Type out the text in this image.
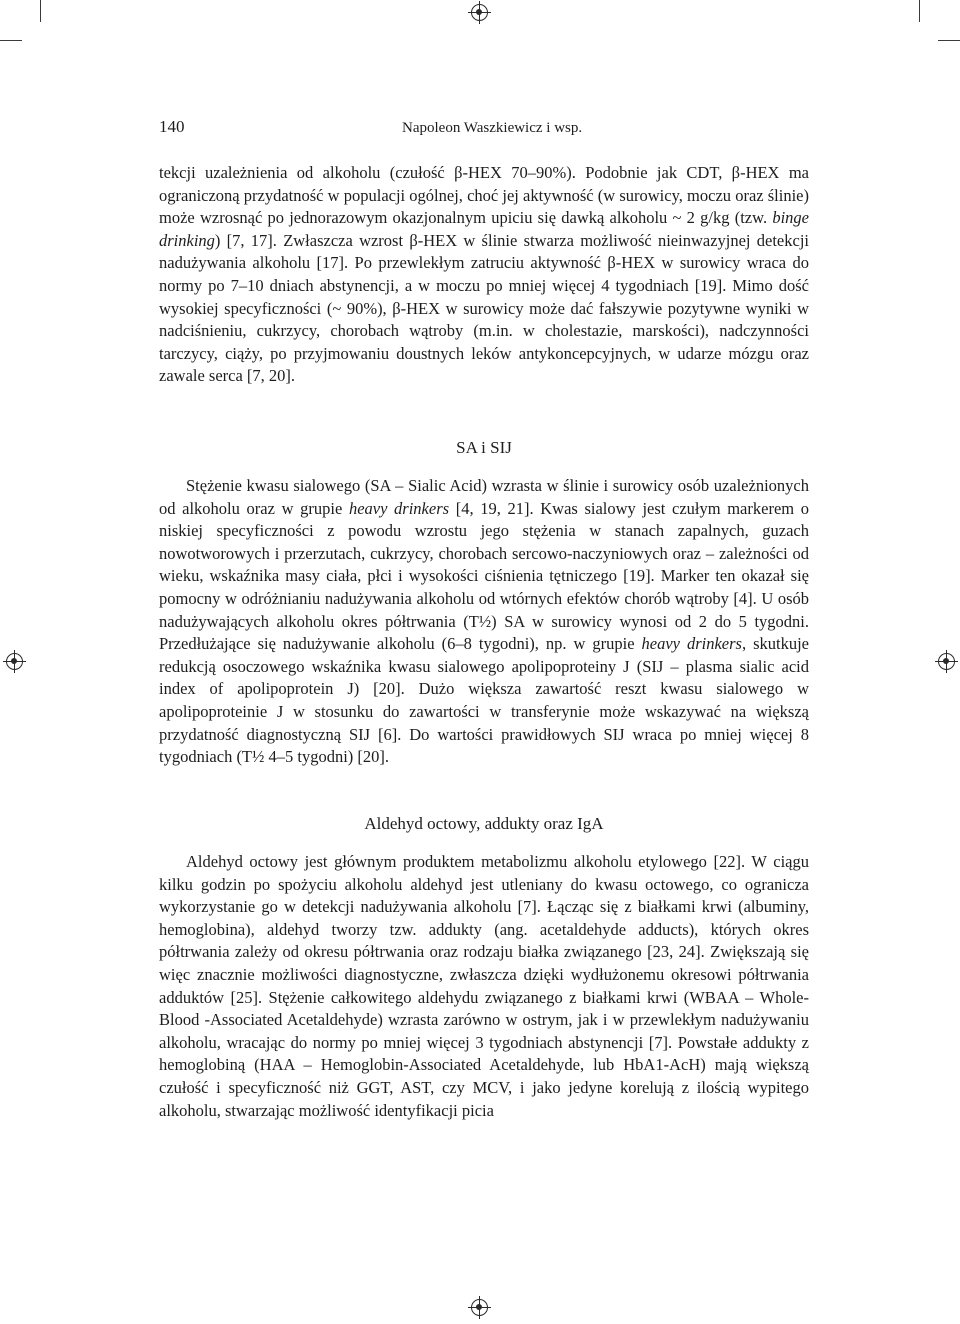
140	Napoleon Waszkiewicz i wsp.

tekcji uzależnienia od alkoholu (czułość β-HEX 70–90%). Podobnie jak CDT, β-HEX ma ograniczoną przydatność w populacji ogólnej, choć jej aktywność (w surowicy, moczu oraz ślinie) może wzrosnąć po jednorazowym okazjonalnym upiciu się dawką alkoholu ~ 2 g/kg (tzw. binge drinking) [7, 17]. Zwłaszcza wzrost β-HEX w ślinie stwarza możliwość nieinwazyjnej detekcji nadużywania alkoholu [17]. Po przewlekłym zatruciu aktywność β-HEX w surowicy wraca do normy po 7–10 dniach abstynencji, a w moczu po mniej więcej 4 tygodniach [19]. Mimo dość wysokiej specyficzności (~ 90%), β-HEX w surowicy może dać fałszywie pozytywne wyniki w nadciśnieniu, cukrzycy, chorobach wątroby (m.in. w cholestazie, marskości), nadczynności tarczycy, ciąży, po przyjmowaniu doustnych leków antykoncepcyjnych, w udarze mózgu oraz zawale serca [7, 20].

SA i SIJ

Stężenie kwasu sialowego (SA – Sialic Acid) wzrasta w ślinie i surowicy osób uzależnionych od alkoholu oraz w grupie heavy drinkers [4, 19, 21]. Kwas sialowy jest czułym markerem o niskiej specyficzności z powodu wzrostu jego stężenia w stanach zapalnych, guzach nowotworowych i przerzutach, cukrzycy, chorobach sercowo-naczyniowych oraz – zależności od wieku, wskaźnika masy ciała, płci i wysokości ciśnienia tętniczego [19]. Marker ten okazał się pomocny w odróżnianiu nadużywania alkoholu od wtórnych efektów chorób wątroby [4]. U osób nadużywających alkoholu okres półtrwania (T½) SA w surowicy wynosi od 2 do 5 tygodni. Przedłużające się nadużywanie alkoholu (6–8 tygodni), np. w grupie heavy drinkers, skutkuje redukcją osoczowego wskaźnika kwasu sialowego apolipoproteiny J (SIJ – plasma sialic acid index of apolipoprotein J) [20]. Dużo większa zawartość reszt kwasu sialowego w apolipoproteinie J w stosunku do zawartości w transferynie może wskazywać na większą przydatność diagnostyczną SIJ [6]. Do wartości prawidłowych SIJ wraca po mniej więcej 8 tygodniach (T½ 4–5 tygodni) [20].

Aldehyd octowy, addukty oraz IgA

Aldehyd octowy jest głównym produktem metabolizmu alkoholu etylowego [22]. W ciągu kilku godzin po spożyciu alkoholu aldehyd jest utleniany do kwasu octowego, co ogranicza wykorzystanie go w detekcji nadużywania alkoholu [7]. Łącząc się z białkami krwi (albuminy, hemoglobina), aldehyd tworzy tzw. addukty (ang. acetaldehyde adducts), których okres półtrwania zależy od okresu półtrwania oraz rodzaju białka związanego [23, 24]. Zwiększają się więc znacznie możliwości diagnostyczne, zwłaszcza dzięki wydłużonemu okresowi półtrwania adduktów [25]. Stężenie całkowitego aldehydu związanego z białkami krwi (WBAA – Whole-Blood -Associated Acetaldehyde) wzrasta zarówno w ostrym, jak i w przewlekłym nadużywaniu alkoholu, wracając do normy po mniej więcej 3 tygodniach abstynencji [7]. Powstałe addukty z hemoglobiną (HAA – Hemoglobin-Associated Acetaldehyde, lub HbA1-AcH) mają większą czułość i specyficzność niż GGT, AST, czy MCV, i jako jedyne korelują z ilością wypitego alkoholu, stwarzając możliwość identyfikacji picia
